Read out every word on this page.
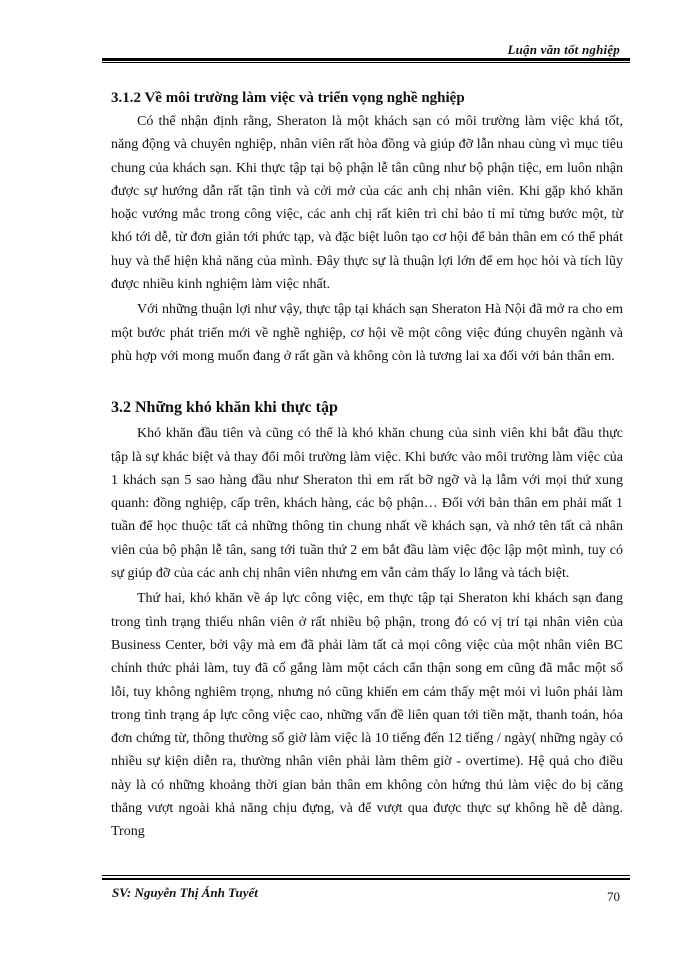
Luận văn tốt nghiệp
3.1.2 Về môi trường làm việc và triển vọng nghề nghiệp

Có thể nhận định rằng, Sheraton là một khách sạn có môi trường làm việc khá tốt, năng động và chuyên nghiệp, nhân viên rất hòa đồng và giúp đỡ lẫn nhau cùng vì mục tiêu chung của khách sạn. Khi thực tập tại bộ phận lễ tân cũng như bộ phận tiệc, em luôn nhận được sự hướng dẫn rất tận tình và cởi mở của các anh chị nhân viên. Khi gặp khó khăn hoặc vướng mắc trong công việc, các anh chị rất kiên trì chỉ bảo tỉ mỉ từng bước một, từ khó tới dễ, từ đơn giản tới phức tạp, và đặc biệt luôn tạo cơ hội để bản thân em có thể phát huy và thể hiện khả năng của mình. Đây thực sự là thuận lợi lớn để em học hỏi và tích lũy được nhiều kinh nghiệm làm việc nhất.

Với những thuận lợi như vậy, thực tập tại khách sạn Sheraton Hà Nội đã mở ra cho em một bước phát triển mới về nghề nghiệp, cơ hội về một công việc đúng chuyên ngành và phù hợp với mong muốn đang ở rất gần và không còn là tương lai xa đối với bản thân em.

3.2 Những khó khăn khi thực tập

Khó khăn đầu tiên và cũng có thể là khó khăn chung của sinh viên khi bắt đầu thực tập là sự khác biệt và thay đổi môi trường làm việc. Khi bước vào môi trường làm việc của 1 khách sạn 5 sao hàng đầu như Sheraton thì em rất bỡ ngỡ và lạ lẫm với mọi thứ xung quanh: đồng nghiệp, cấp trên, khách hàng, các bộ phận… Đối với bản thân em phải mất 1 tuần để học thuộc tất cả những thông tin chung nhất về khách sạn, và nhớ tên tất cả nhân viên của bộ phận lễ tân, sang tới tuần thứ 2 em bắt đầu làm việc độc lập một mình, tuy có sự giúp đỡ của các anh chị nhân viên nhưng em vẫn cảm thấy lo lắng và tách biệt.

Thứ hai, khó khăn về áp lực công việc, em thực tập tại Sheraton khi khách sạn đang trong tình trạng thiếu nhân viên ở rất nhiều bộ phận, trong đó có vị trí tại nhân viên của Business Center, bởi vậy mà em đã phải làm tất cả mọi công việc của một nhân viên BC chính thức phải làm, tuy đã cố gắng làm một cách cẩn thận song em cũng đã mắc một số lỗi, tuy không nghiêm trọng, nhưng nó cũng khiến em cảm thấy mệt mỏi vì luôn phải làm trong tình trạng áp lực công việc cao, những vấn đề liên quan tới tiền mặt, thanh toán, hóa đơn chứng từ, thông thường số giờ làm việc là 10 tiếng đến 12 tiếng / ngày( những ngày có nhiều sự kiện diễn ra, thường nhân viên phải làm thêm giờ - overtime). Hệ quả cho điều này là có những khoảng thời gian bản thân em không còn hứng thú làm việc do bị căng thẳng vượt ngoài khả năng chịu đựng, và để vượt qua được thực sự không hề dễ dàng. Trong

SV: Nguyễn Thị Ánh Tuyết	70
